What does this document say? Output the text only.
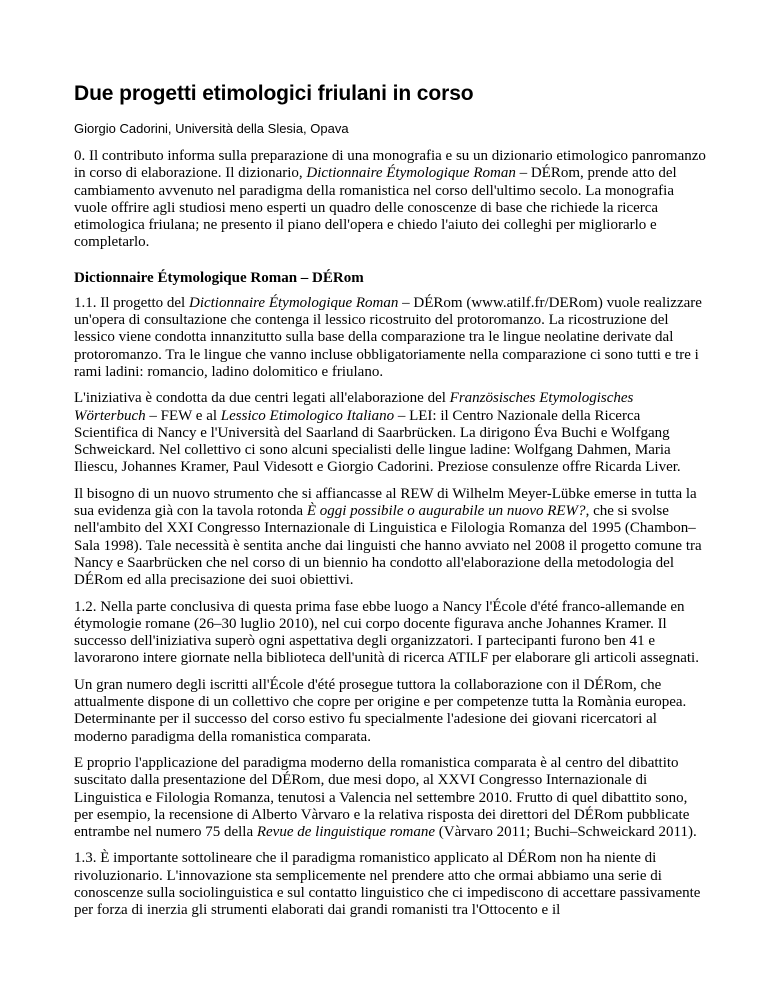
Due progetti etimologici friulani in corso
Giorgio Cadorini, Università della Slesia, Opava

0. Il contributo informa sulla preparazione di una monografia e su un dizionario etimologico panromanzo in corso di elaborazione. Il dizionario, Dictionnaire Étymologique Roman – DÉRom, prende atto del cambiamento avvenuto nel paradigma della romanistica nel corso dell'ultimo secolo. La monografia vuole offrire agli studiosi meno esperti un quadro delle conoscenze di base che richiede la ricerca etimologica friulana; ne presento il piano dell'opera e chiedo l'aiuto dei colleghi per migliorarlo e completarlo.

Dictionnaire Étymologique Roman – DÉRom

1.1. Il progetto del Dictionnaire Étymologique Roman – DÉRom (www.atilf.fr/DERom) vuole realizzare un'opera di consultazione che contenga il lessico ricostruito del protoromanzo. La ricostruzione del lessico viene condotta innanzitutto sulla base della comparazione tra le lingue neolatine derivate dal protoromanzo. Tra le lingue che vanno incluse obbligatoriamente nella comparazione ci sono tutti e tre i rami ladini: romancio, ladino dolomitico e friulano.

L'iniziativa è condotta da due centri legati all'elaborazione del Französisches Etymologisches Wörterbuch – FEW e al Lessico Etimologico Italiano – LEI: il Centro Nazionale della Ricerca Scientifica di Nancy e l'Università del Saarland di Saarbrücken. La dirigono Éva Buchi e Wolfgang Schweickard. Nel collettivo ci sono alcuni specialisti delle lingue ladine: Wolfgang Dahmen, Maria Iliescu, Johannes Kramer, Paul Videsott e Giorgio Cadorini. Preziose consulenze offre Ricarda Liver.

Il bisogno di un nuovo strumento che si affiancasse al REW di Wilhelm Meyer-Lübke emerse in tutta la sua evidenza già con la tavola rotonda È oggi possibile o augurabile un nuovo REW?, che si svolse nell'ambito del XXI Congresso Internazionale di Linguistica e Filologia Romanza del 1995 (Chambon–Sala 1998). Tale necessità è sentita anche dai linguisti che hanno avviato nel 2008 il progetto comune tra Nancy e Saarbrücken che nel corso di un biennio ha condotto all'elaborazione della metodologia del DÉRom ed alla precisazione dei suoi obiettivi.

1.2. Nella parte conclusiva di questa prima fase ebbe luogo a Nancy l'École d'été franco-allemande en étymologie romane (26–30 luglio 2010), nel cui corpo docente figurava anche Johannes Kramer. Il successo dell'iniziativa superò ogni aspettativa degli organizzatori. I partecipanti furono ben 41 e lavorarono intere giornate nella biblioteca dell'unità di ricerca ATILF per elaborare gli articoli assegnati.

Un gran numero degli iscritti all'École d'été prosegue tuttora la collaborazione con il DÉRom, che attualmente dispone di un collettivo che copre per origine e per competenze tutta la Romània europea. Determinante per il successo del corso estivo fu specialmente l'adesione dei giovani ricercatori al moderno paradigma della romanistica comparata.

E proprio l'applicazione del paradigma moderno della romanistica comparata è al centro del dibattito suscitato dalla presentazione del DÉRom, due mesi dopo, al XXVI Congresso Internazionale di Linguistica e Filologia Romanza, tenutosi a Valencia nel settembre 2010. Frutto di quel dibattito sono, per esempio, la recensione di Alberto Vàrvaro e la relativa risposta dei direttori del DÉRom pubblicate entrambe nel numero 75 della Revue de linguistique romane (Vàrvaro 2011; Buchi–Schweickard 2011).

1.3. È importante sottolineare che il paradigma romanistico applicato al DÉRom non ha niente di rivoluzionario. L'innovazione sta semplicemente nel prendere atto che ormai abbiamo una serie di conoscenze sulla sociolinguistica e sul contatto linguistico che ci impediscono di accettare passivamente per forza di inerzia gli strumenti elaborati dai grandi romanisti tra l'Ottocento e il
